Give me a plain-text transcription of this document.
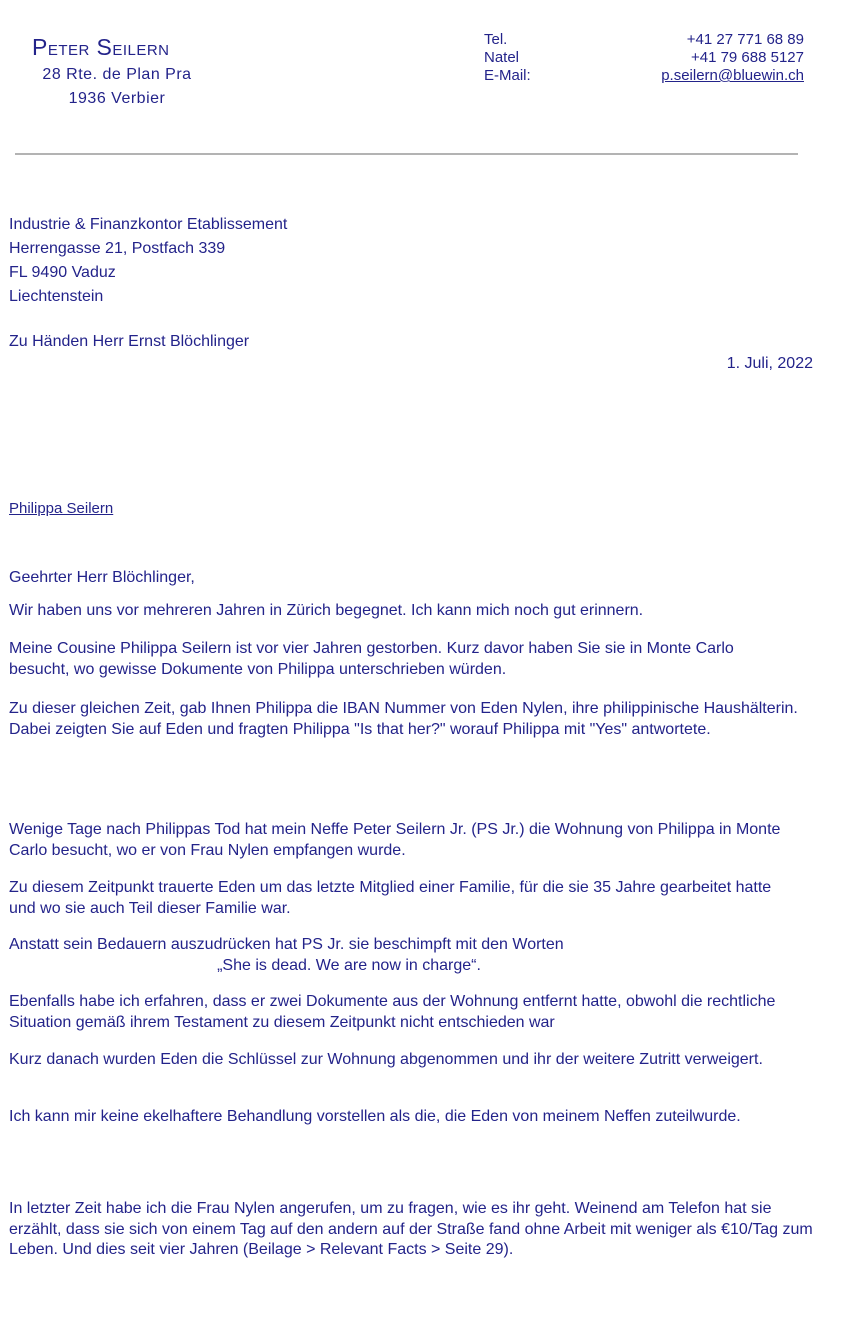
Peter Seilern
28 Rte. de Plan Pra
1936 Verbier
Tel.
Natel
E-Mail:
+41 27 771 68 89
+41 79 688 5127
p.seilern@bluewin.ch
Industrie & Finanzkontor Etablissement
Herrengasse 21, Postfach 339
FL 9490 Vaduz
Liechtenstein
Zu Händen Herr Ernst Blöchlinger
1. Juli, 2022
Philippa Seilern

Geehrter Herr Blöchlinger,

Wir haben uns vor mehreren Jahren in Zürich begegnet. Ich kann mich noch gut erinnern.

Meine Cousine Philippa Seilern ist vor vier Jahren gestorben. Kurz davor haben Sie sie in Monte Carlo besucht, wo gewisse Dokumente von Philippa unterschrieben würden.

Zu dieser gleichen Zeit, gab Ihnen Philippa die IBAN Nummer von Eden Nylen, ihre philippinische Haushälterin. Dabei zeigten Sie auf Eden und fragten Philippa "Is that her?" worauf Philippa mit "Yes" antwortete.

Wenige Tage nach Philippas Tod hat mein Neffe Peter Seilern Jr. (PS Jr.) die Wohnung von Philippa in Monte Carlo besucht, wo er von Frau Nylen empfangen wurde.

Zu diesem Zeitpunkt trauerte Eden um das letzte Mitglied einer Familie, für die sie 35 Jahre gearbeitet hatte und wo sie auch Teil dieser Familie war.

Anstatt sein Bedauern auszudrücken hat PS Jr. sie beschimpft mit den Worten

„She is dead. We are now in charge“.

Ebenfalls habe ich erfahren, dass er zwei Dokumente aus der Wohnung entfernt hatte, obwohl die rechtliche Situation gemäß ihrem Testament zu diesem Zeitpunkt nicht entschieden war

Kurz danach wurden Eden die Schlüssel zur Wohnung abgenommen und ihr der weitere Zutritt verweigert.

Ich kann mir keine ekelhaftere Behandlung vorstellen als die, die Eden von meinem Neffen zuteilwurde.

In letzter Zeit habe ich die Frau Nylen angerufen, um zu fragen, wie es ihr geht. Weinend am Telefon hat sie erzählt, dass sie sich von einem Tag auf den andern auf der Straße fand ohne Arbeit mit weniger als €10/Tag zum Leben. Und dies seit vier Jahren (Beilage > Relevant Facts > Seite 29).
